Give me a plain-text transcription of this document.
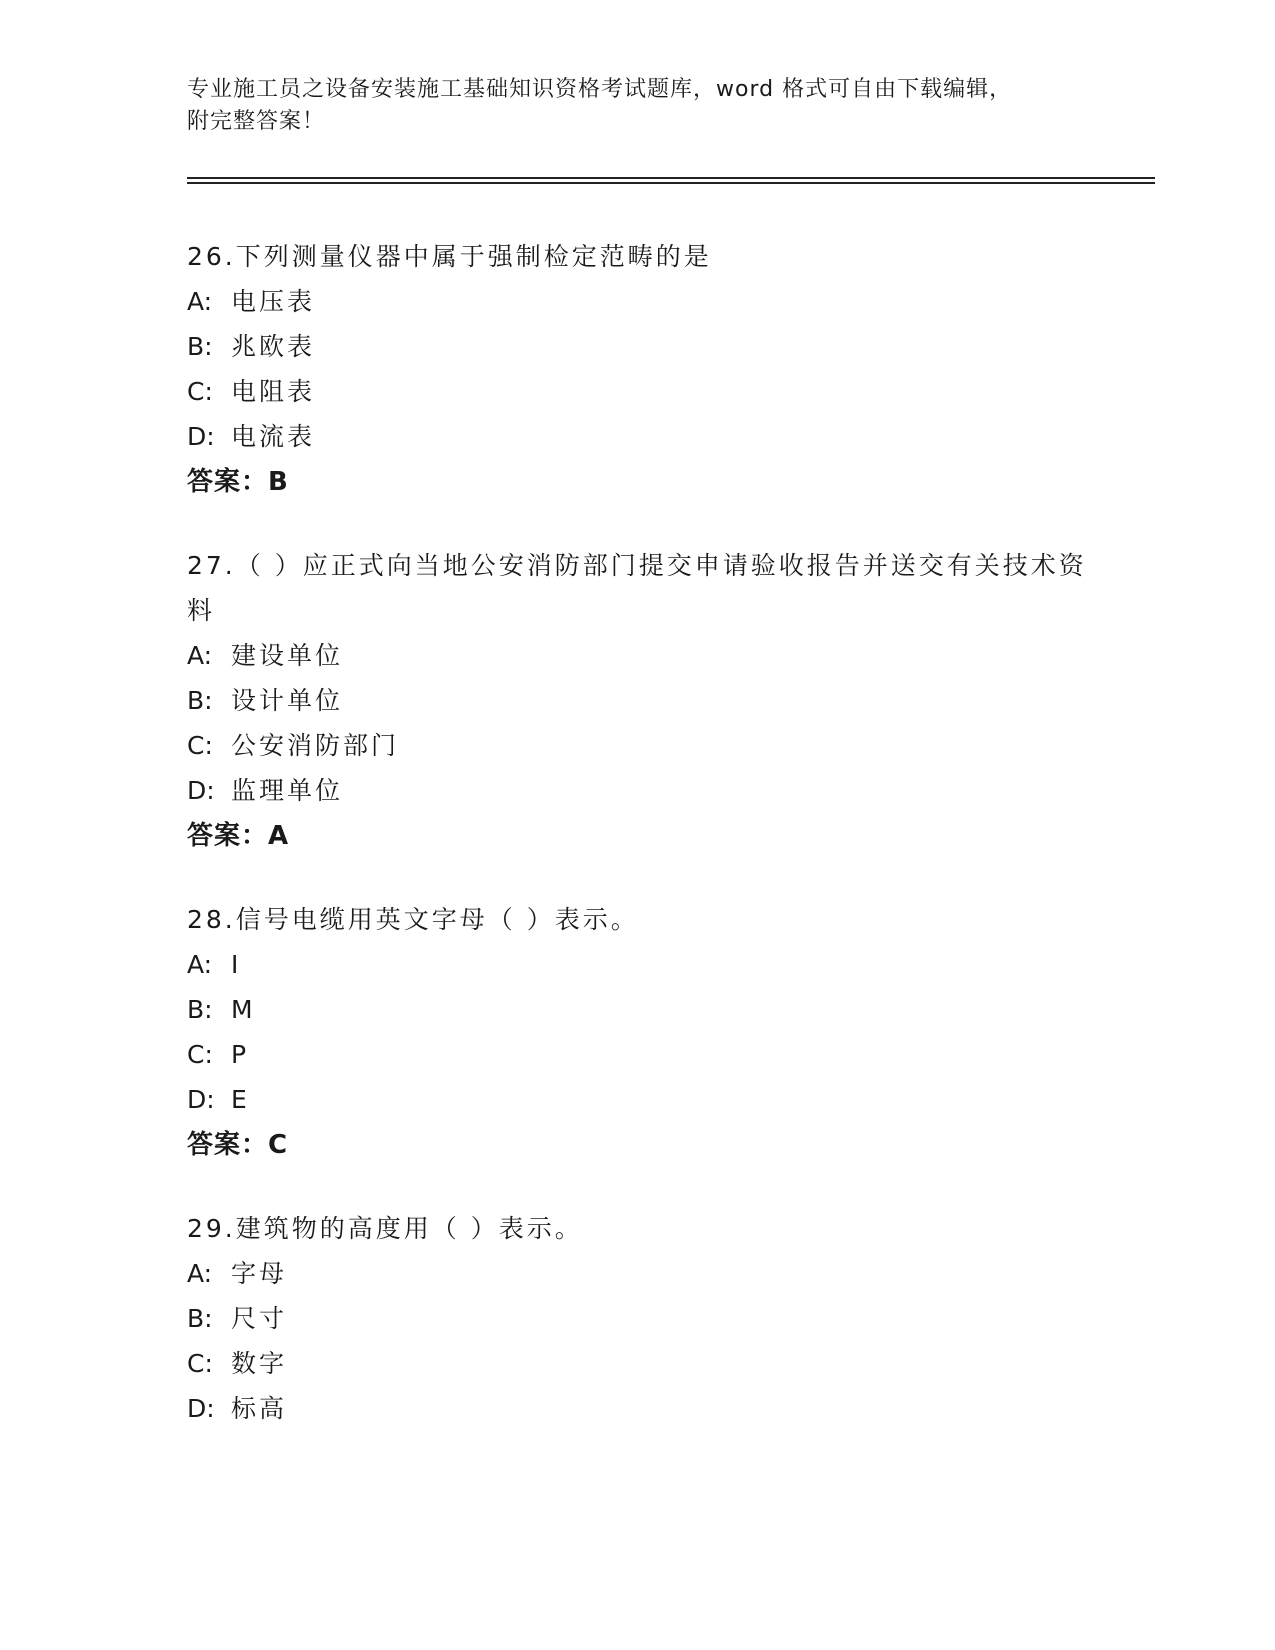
专业施工员之设备安装施工基础知识资格考试题库，word 格式可自由下载编辑，
附完整答案！
26.下列测量仪器中属于强制检定范畴的是
A: 电压表
B: 兆欧表
C: 电阻表
D: 电流表
答案：B
27.（ ）应正式向当地公安消防部门提交申请验收报告并送交有关技术资料
A: 建设单位
B: 设计单位
C: 公安消防部门
D: 监理单位
答案：A
28.信号电缆用英文字母（ ）表示。
A: I
B: M
C: P
D: E
答案：C
29.建筑物的高度用（ ）表示。
A: 字母
B: 尺寸
C: 数字
D: 标高
